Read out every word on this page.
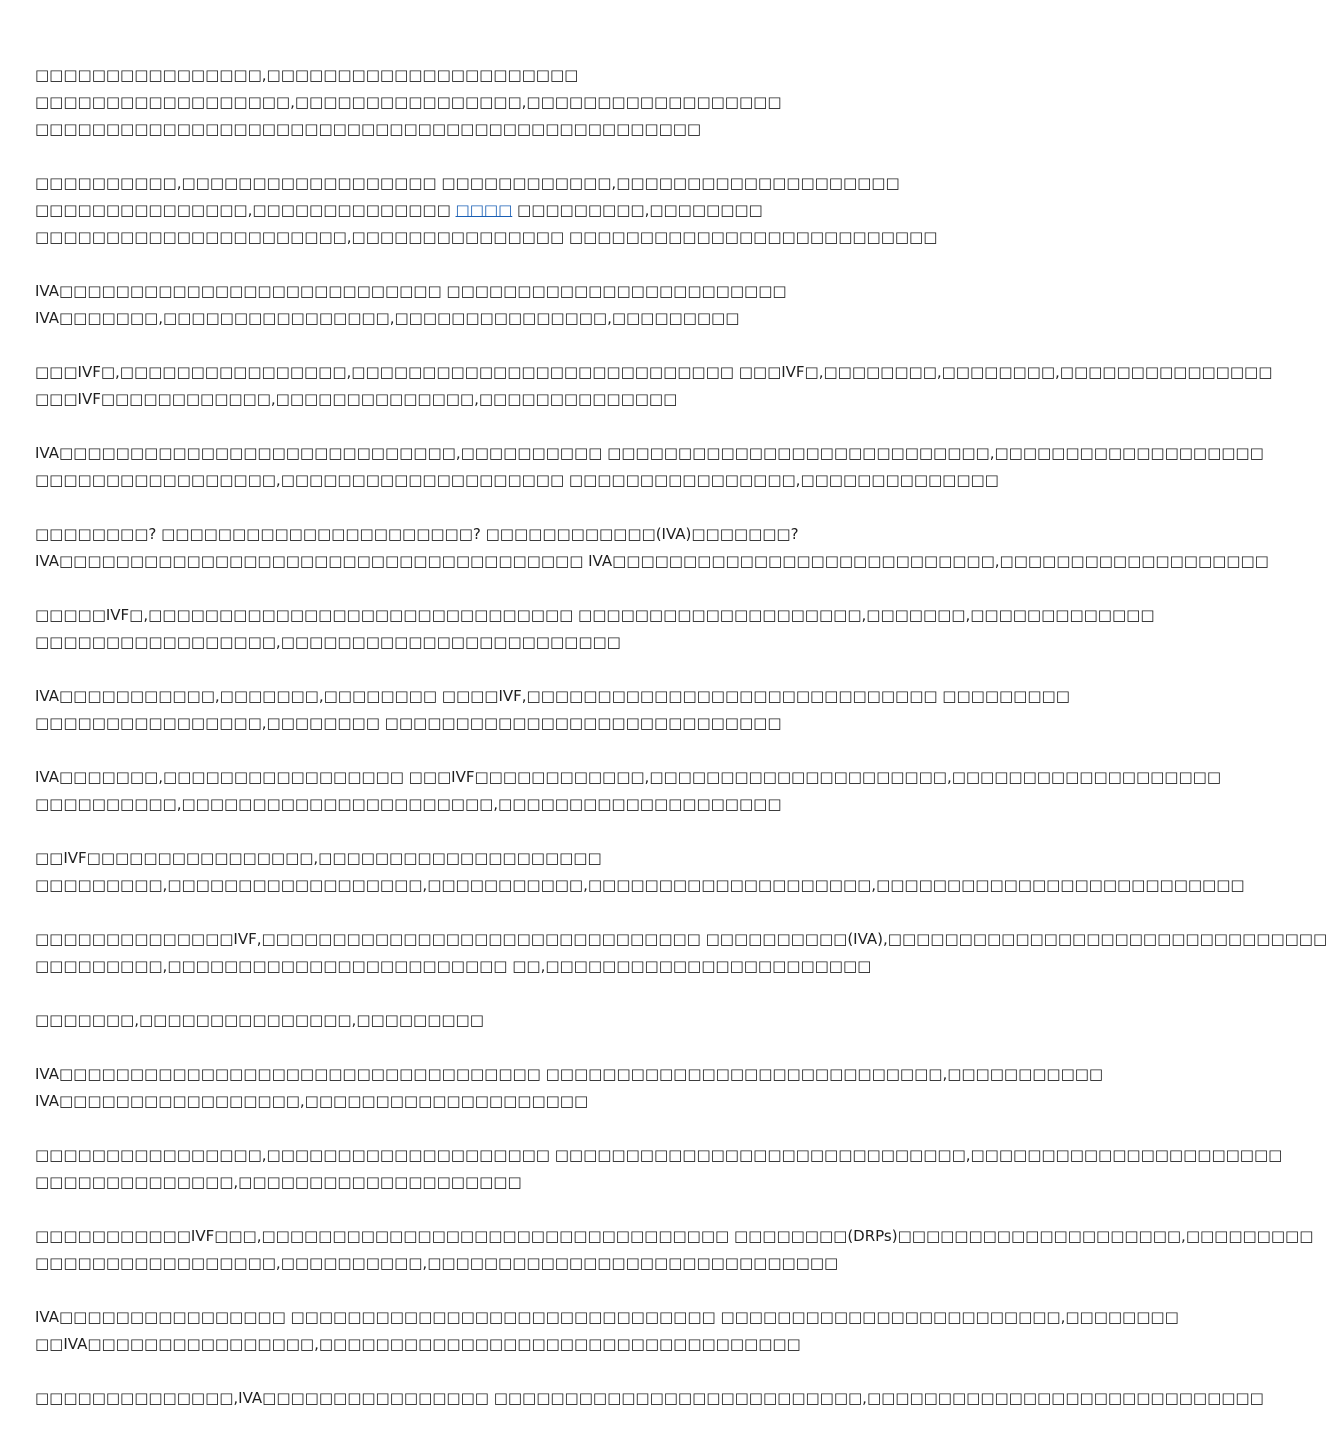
□□□□□□□□□□□□□□□□,□□□□□□□□□□□□□□□□□□□□□□
□□□□□□□□□□□□□□□□□□,□□□□□□□□□□□□□□□□,□□□□□□□□□□□□□□□□□□
□□□□□□□□□□□□□□□□□□□□□□□□□□□□□□□□□□□□□□□□□□□□□□□
□□□□□□□□□□,□□□□□□□□□□□□□□□□□□ □□□□□□□□□□□□,□□□□□□□□□□□□□□□□□□□□
□□□□□□□□□□□□□□□,□□□□□□□□□□□□□□ □□□□ □□□□□□□□□,□□□□□□□□
□□□□□□□□□□□□□□□□□□□□□□,□□□□□□□□□□□□□□□ □□□□□□□□□□□□□□□□□□□□□□□□□□
IVA□□□□□□□□□□□□□□□□□□□□□□□□□□□ □□□□□□□□□□□□□□□□□□□□□□□□
IVA□□□□□□□,□□□□□□□□□□□□□□□□,□□□□□□□□□□□□□□□,□□□□□□□□□
□□□IVF□,□□□□□□□□□□□□□□□□,□□□□□□□□□□□□□□□□□□□□□□□□□□□ □□□IVF□,□□□□□□□□,□□□□□□□□,□□□□□□□□□□□□□□□
□□□IVF□□□□□□□□□□□□,□□□□□□□□□□□□□□,□□□□□□□□□□□□□□
IVA□□□□□□□□□□□□□□□□□□□□□□□□□□□□,□□□□□□□□□□ □□□□□□□□□□□□□□□□□□□□□□□□□□□,□□□□□□□□□□□□□□□□□□□
□□□□□□□□□□□□□□□□□,□□□□□□□□□□□□□□□□□□□□ □□□□□□□□□□□□□□□□,□□□□□□□□□□□□□□
□□□□□□□□? □□□□□□□□□□□□□□□□□□□□□□? □□□□□□□□□□□□(IVA)□□□□□□□?
IVA□□□□□□□□□□□□□□□□□□□□□□□□□□□□□□□□□□□□□ IVA□□□□□□□□□□□□□□□□□□□□□□□□□□□,□□□□□□□□□□□□□□□□□□□
□□□□□IVF□,□□□□□□□□□□□□□□□□□□□□□□□□□□□□□□ □□□□□□□□□□□□□□□□□□□□,□□□□□□□,□□□□□□□□□□□□□
□□□□□□□□□□□□□□□□□,□□□□□□□□□□□□□□□□□□□□□□□□
IVA□□□□□□□□□□□,□□□□□□□,□□□□□□□□ □□□□IVF,□□□□□□□□□□□□□□□□□□□□□□□□□□□□□ □□□□□□□□□
□□□□□□□□□□□□□□□□,□□□□□□□□ □□□□□□□□□□□□□□□□□□□□□□□□□□□□
IVA□□□□□□□,□□□□□□□□□□□□□□□□□ □□□IVF□□□□□□□□□□□□,□□□□□□□□□□□□□□□□□□□□□,□□□□□□□□□□□□□□□□□□□
□□□□□□□□□□,□□□□□□□□□□□□□□□□□□□□□□,□□□□□□□□□□□□□□□□□□□□
□□IVF□□□□□□□□□□□□□□□□,□□□□□□□□□□□□□□□□□□□□
□□□□□□□□□,□□□□□□□□□□□□□□□□□□,□□□□□□□□□□□,□□□□□□□□□□□□□□□□□□□□,□□□□□□□□□□□□□□□□□□□□□□□□□□
□□□□□□□□□□□□□□IVF,□□□□□□□□□□□□□□□□□□□□□□□□□□□□□□□ □□□□□□□□□□(IVA),□□□□□□□□□□□□□□□□□□□□□□□□□□□□□□□
□□□□□□□□□,□□□□□□□□□□□□□□□□□□□□□□□□ □□,□□□□□□□□□□□□□□□□□□□□□□□
□□□□□□□,□□□□□□□□□□□□□□□,□□□□□□□□□
IVA□□□□□□□□□□□□□□□□□□□□□□□□□□□□□□□□□□ □□□□□□□□□□□□□□□□□□□□□□□□□□□□,□□□□□□□□□□□
IVA□□□□□□□□□□□□□□□□□,□□□□□□□□□□□□□□□□□□□□
□□□□□□□□□□□□□□□□,□□□□□□□□□□□□□□□□□□□□ □□□□□□□□□□□□□□□□□□□□□□□□□□□□□,□□□□□□□□□□□□□□□□□□□□□□
□□□□□□□□□□□□□□,□□□□□□□□□□□□□□□□□□□□
□□□□□□□□□□□IVF□□□,□□□□□□□□□□□□□□□□□□□□□□□□□□□□□□□□□ □□□□□□□□(DRPs)□□□□□□□□□□□□□□□□□□□□,□□□□□□□□□
□□□□□□□□□□□□□□□□□,□□□□□□□□□□,□□□□□□□□□□□□□□□□□□□□□□□□□□□□□
IVA□□□□□□□□□□□□□□□□ □□□□□□□□□□□□□□□□□□□□□□□□□□□□□□ □□□□□□□□□□□□□□□□□□□□□□□□,□□□□□□□□
□□IVA□□□□□□□□□□□□□□□□,□□□□□□□□□□□□□□□□□□□□□□□□□□□□□□□□□□
□□□□□□□□□□□□□□,IVA□□□□□□□□□□□□□□□□ □□□□□□□□□□□□□□□□□□□□□□□□□□,□□□□□□□□□□□□□□□□□□□□□□□□□□□□
